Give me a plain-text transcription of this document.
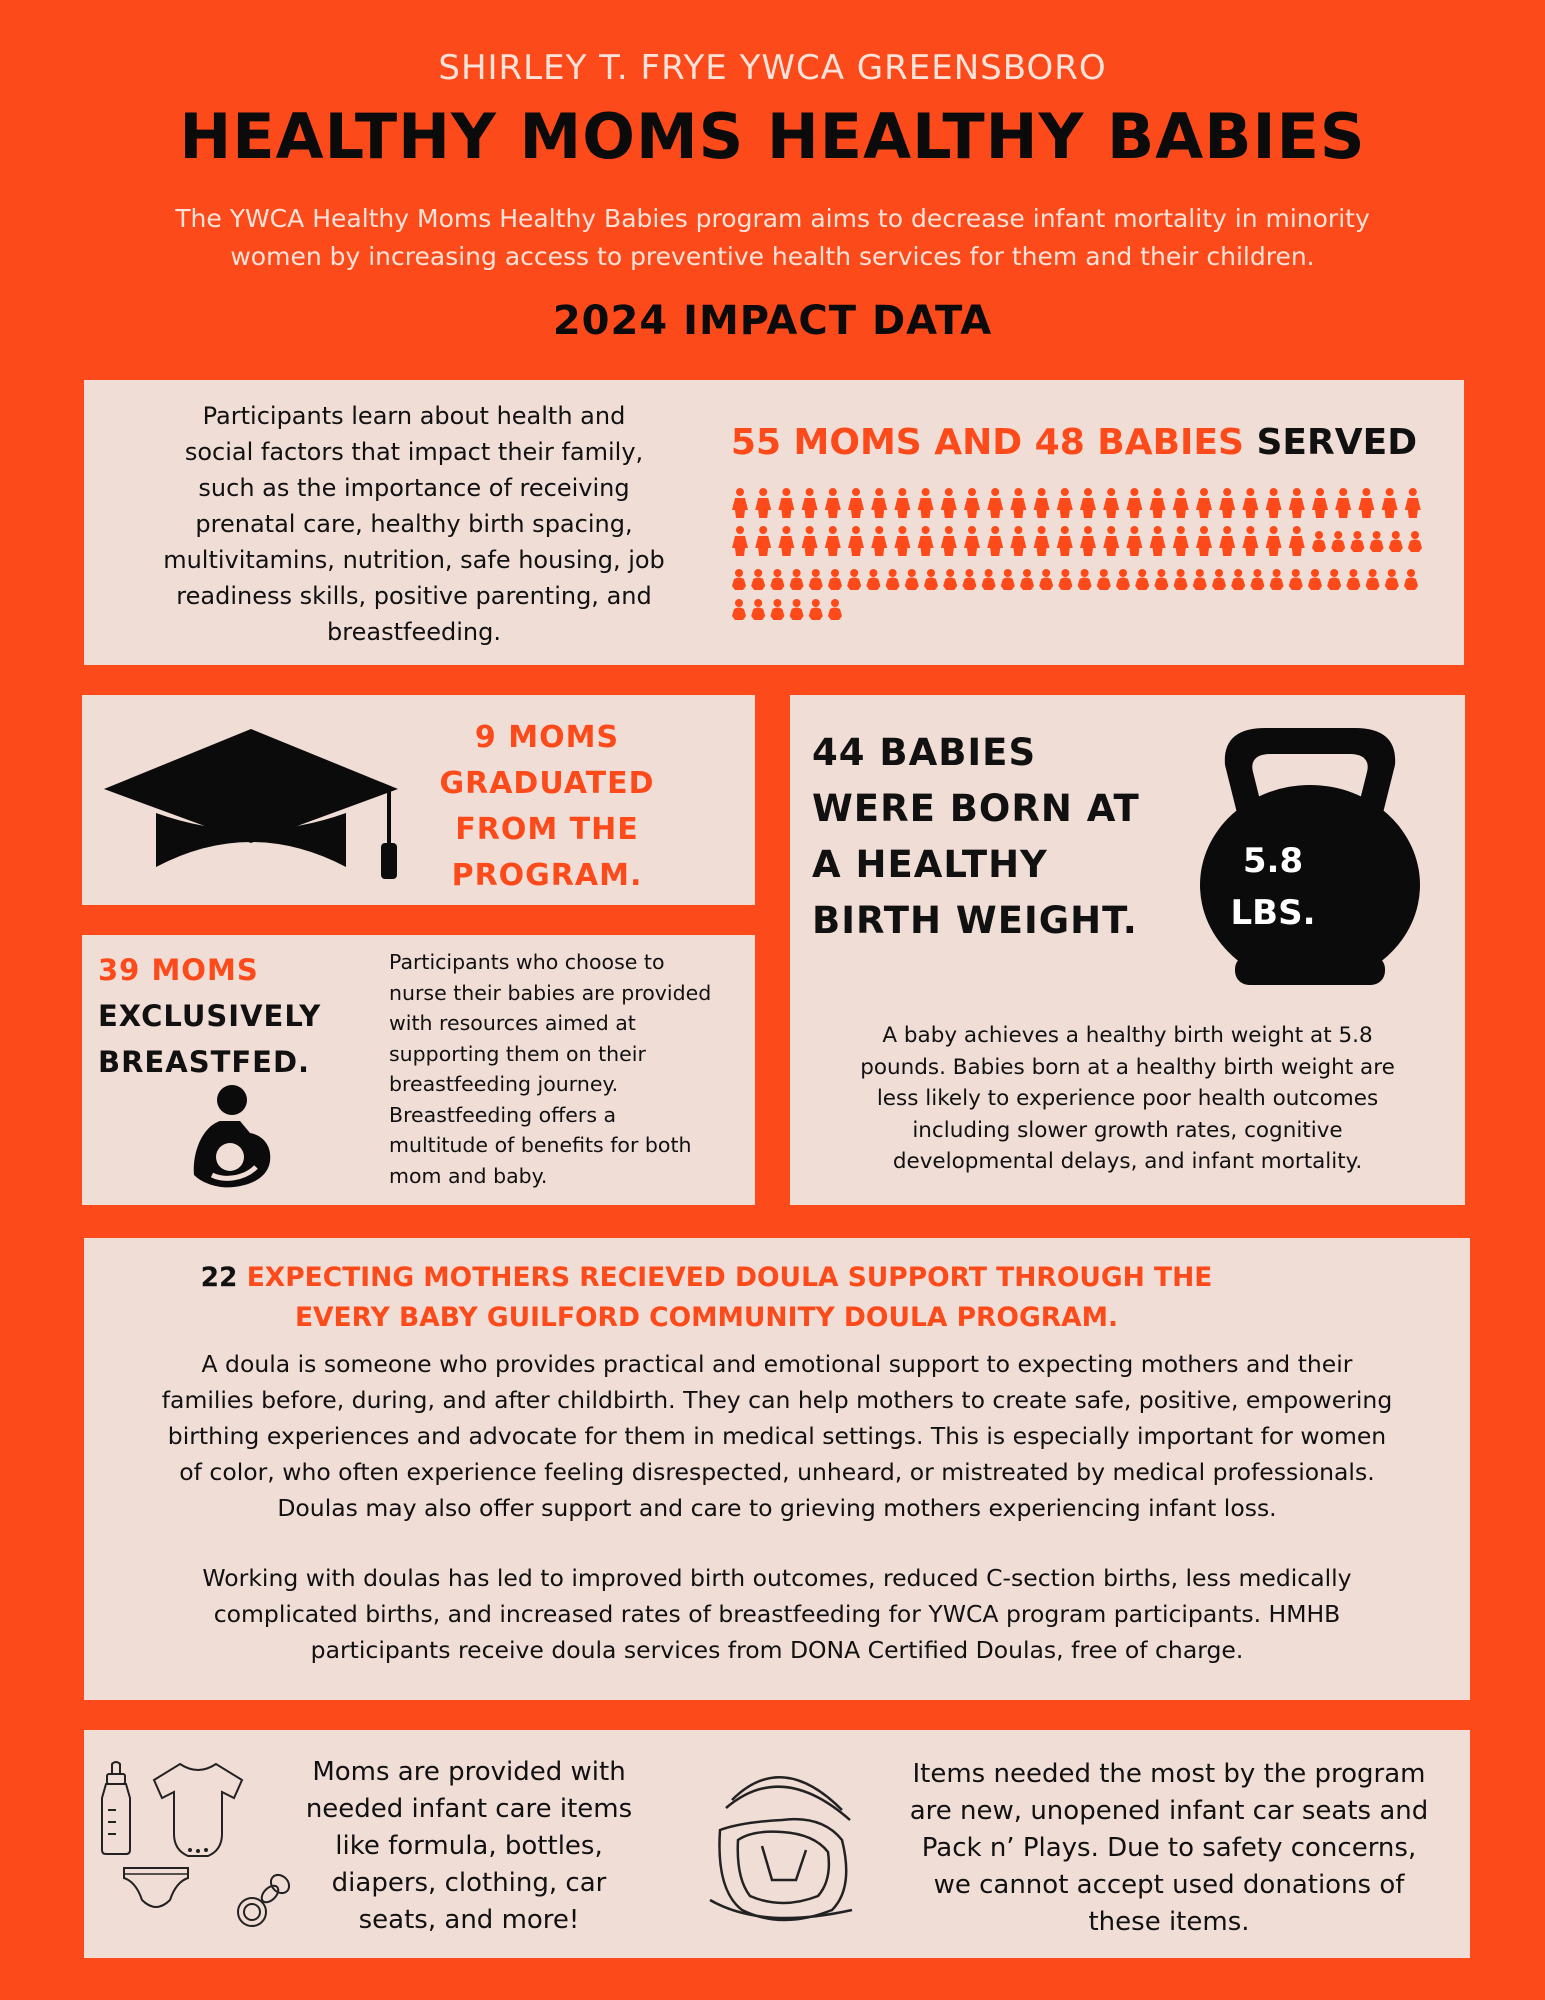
SHIRLEY T. FRYE YWCA GREENSBORO
HEALTHY MOMS HEALTHY BABIES
The YWCA Healthy Moms Healthy Babies program aims to decrease infant mortality in minority
women by increasing access to preventive health services for them and their children.
2024 IMPACT DATA
Participants learn about health and
social factors that impact their family,
such as the importance of receiving
prenatal care, healthy birth spacing,
multivitamins, nutrition, safe housing, job
readiness skills, positive parenting, and
breastfeeding.
55 MOMS AND 48 BABIES SERVED
9 MOMS
GRADUATED
FROM THE
PROGRAM.
39 MOMS
EXCLUSIVELY
BREASTFED.
Participants who choose to
nurse their babies are provided
with resources aimed at
supporting them on their
breastfeeding journey.
Breastfeeding offers a
multitude of benefits for both
mom and baby.
44 BABIES
WERE BORN AT
A HEALTHY
BIRTH WEIGHT.
5.8
LBS.
A baby achieves a healthy birth weight at 5.8
pounds. Babies born at a healthy birth weight are
less likely to experience poor health outcomes
including slower growth rates, cognitive
developmental delays, and infant mortality.
22 EXPECTING MOTHERS RECIEVED DOULA SUPPORT THROUGH THE
EVERY BABY GUILFORD COMMUNITY DOULA PROGRAM.
A doula is someone who provides practical and emotional support to expecting mothers and their
families before, during, and after childbirth. They can help mothers to create safe, positive, empowering
birthing experiences and advocate for them in medical settings. This is especially important for women
of color, who often experience feeling disrespected, unheard, or mistreated by medical professionals.
Doulas may also offer support and care to grieving mothers experiencing infant loss.
Working with doulas has led to improved birth outcomes, reduced C-section births, less medically
complicated births, and increased rates of breastfeeding for YWCA program participants. HMHB
participants receive doula services from DONA Certified Doulas, free of charge.
Moms are provided with
needed infant care items
like formula, bottles,
diapers, clothing, car
seats, and more!
Items needed the most by the program
are new, unopened infant car seats and
Pack n’ Plays. Due to safety concerns,
we cannot accept used donations of
these items.
